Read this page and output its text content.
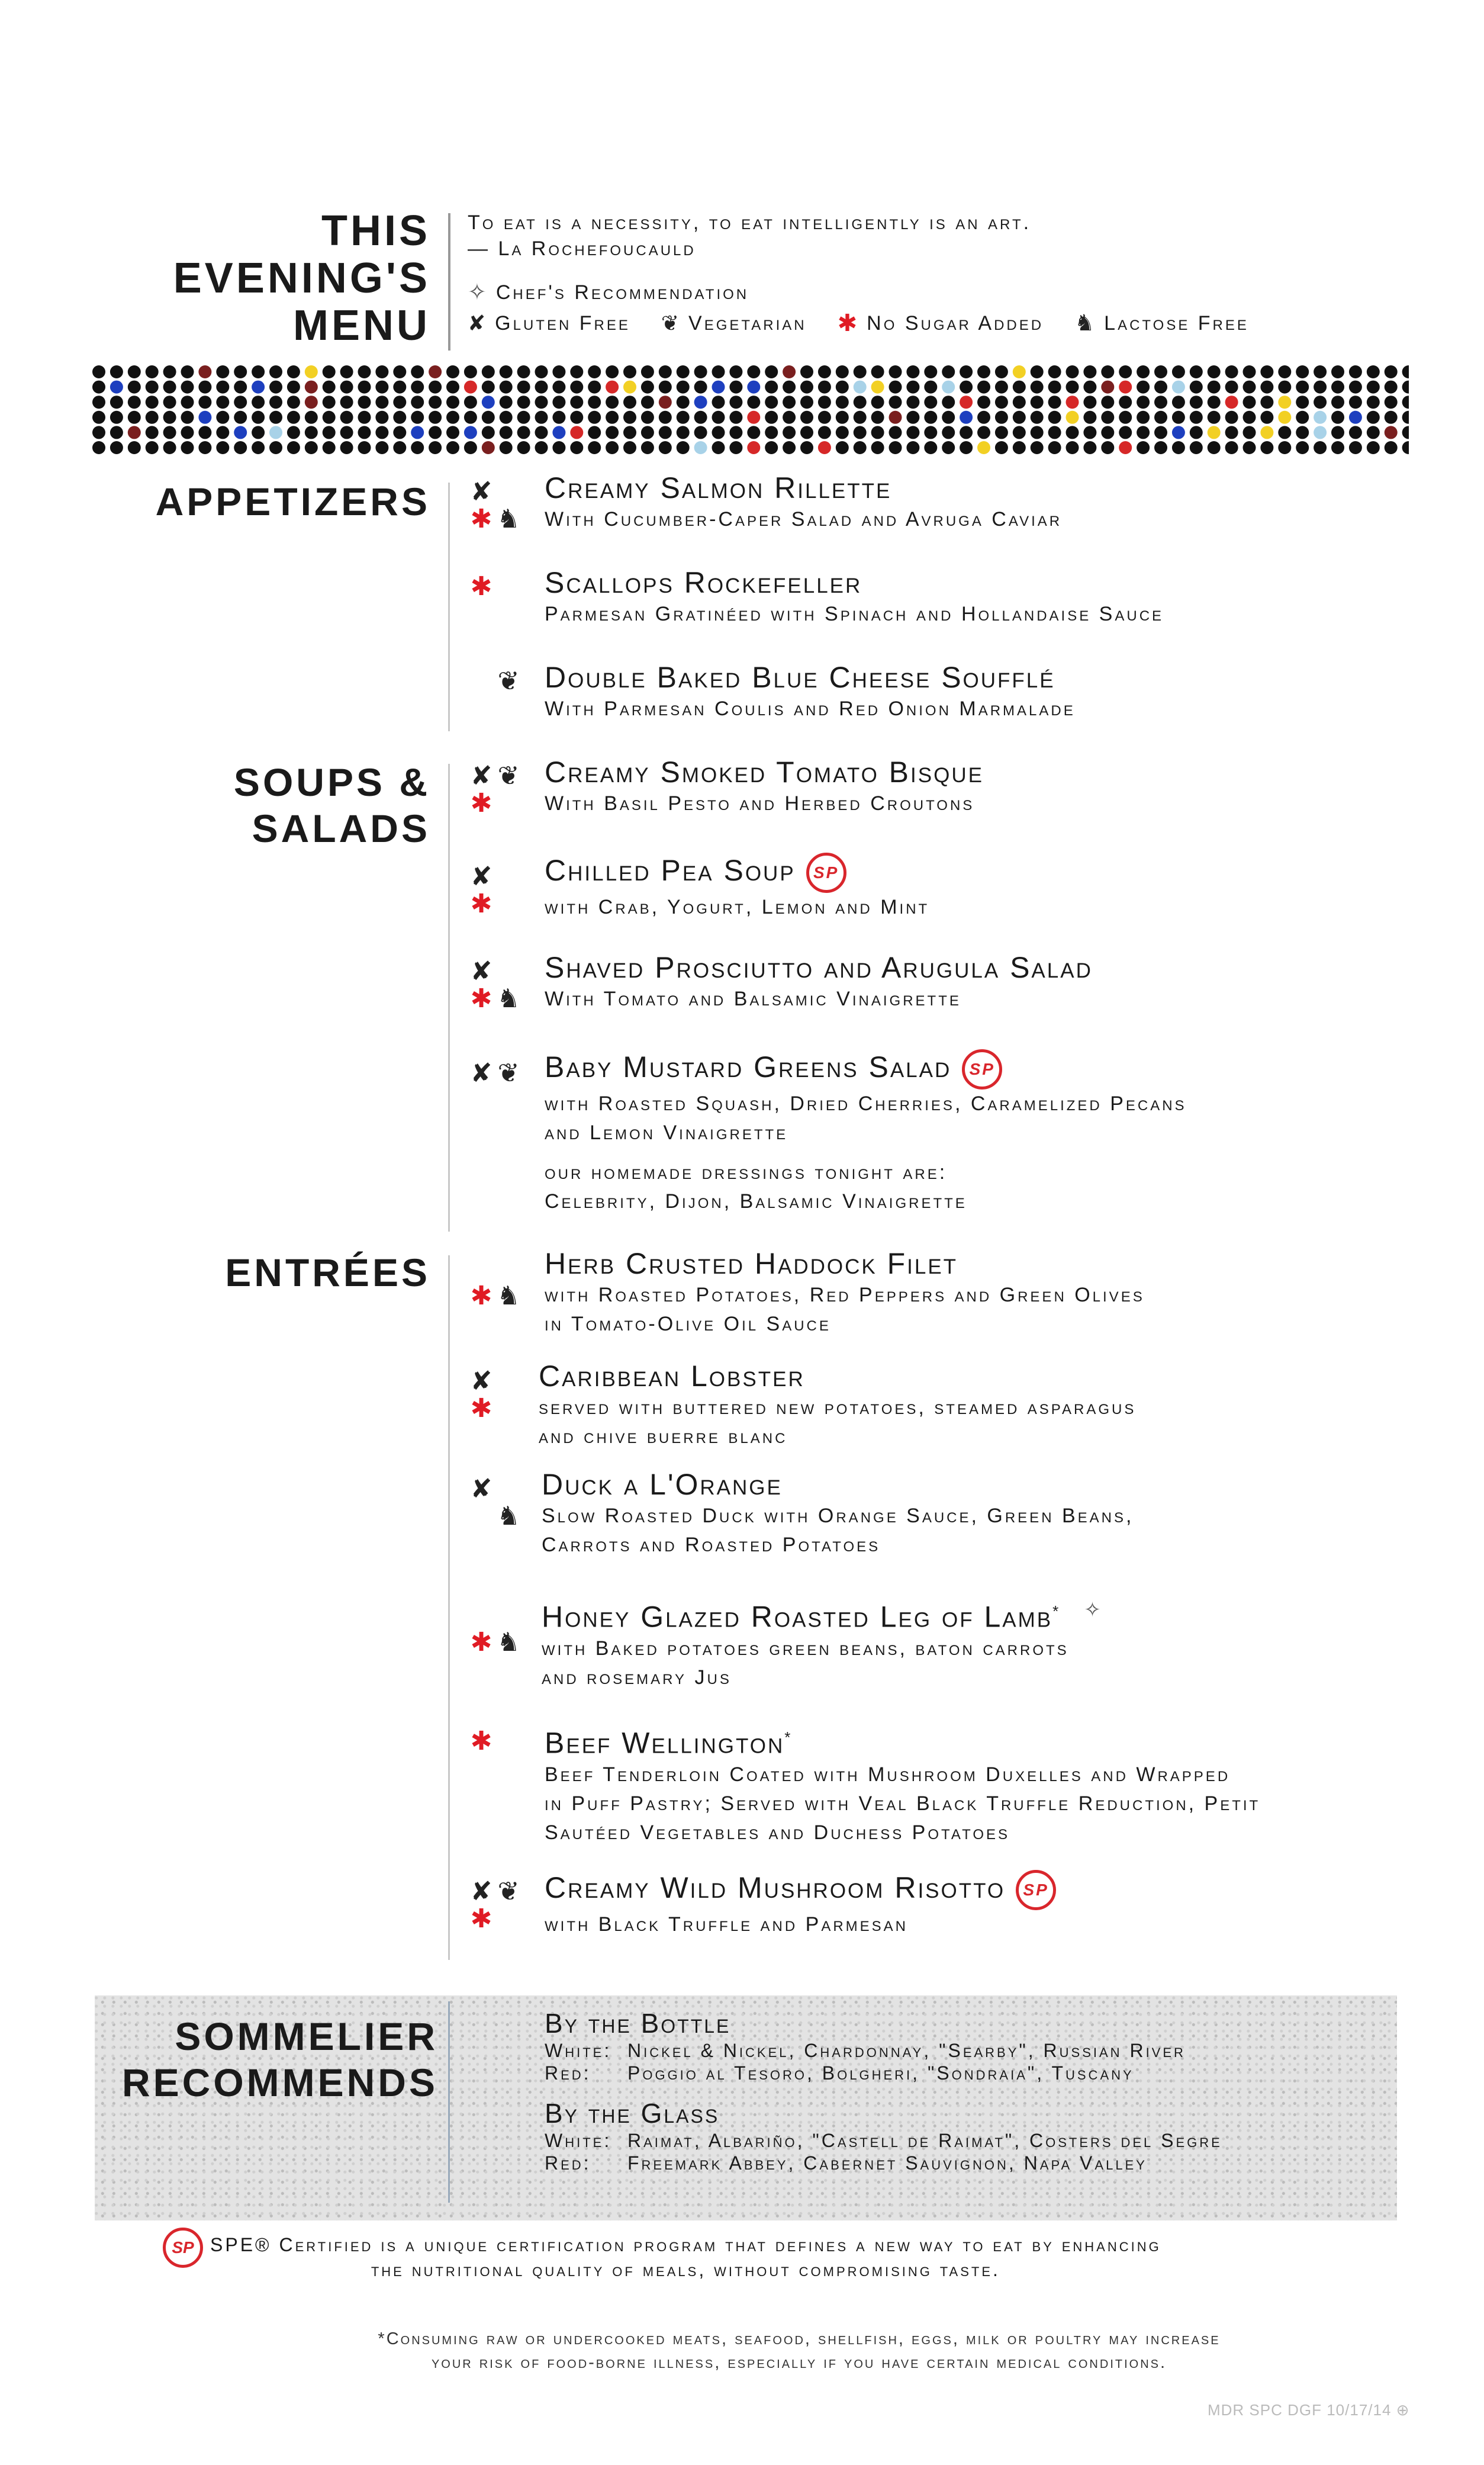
THIS
EVENING'S
MENU
To eat is a necessity, to eat intelligently is an art.
— La Rochefoucauld
✧ Chef's Recommendation
✘ Gluten Free ❦ Vegetarian ✱ No Sugar Added ♞ Lactose Free
APPETIZERS ✘
✱ ♞
Creamy Salmon Rillette
With Cucumber-Caper Salad and Avruga Caviar
✱ Scallops Rockefeller
Parmesan Gratinéed with Spinach and Hollandaise Sauce
❦ Double Baked Blue Cheese Soufflé
With Parmesan Coulis and Red Onion Marmalade
SOUPS &
SALADS
✘ ❦
✱
Creamy Smoked Tomato Bisque
With Basil Pesto and Herbed Croutons
✘
✱
Chilled Pea Soup SP
with Crab, Yogurt, Lemon and Mint
✘
✱ ♞
Shaved Prosciutto and Arugula Salad
With Tomato and Balsamic Vinaigrette
✘ ❦ Baby Mustard Greens Salad SP
with Roasted Squash, Dried Cherries, Caramelized Pecans
and Lemon Vinaigrette
our homemade dressings tonight are:
Celebrity, Dijon, Balsamic Vinaigrette
ENTRÉES
✱ ♞
Herb Crusted Haddock Filet
with Roasted Potatoes, Red Peppers and Green Olives
in Tomato-Olive Oil Sauce
✘
✱
Caribbean Lobster
served with buttered new potatoes, steamed asparagus
and chive buerre blanc
✘
♞
Duck a L'Orange
Slow Roasted Duck with Orange Sauce, Green Beans,
Carrots and Roasted Potatoes
✱ ♞
Honey Glazed Roasted Leg of Lamb* ✧
with Baked potatoes green beans, baton carrots
and rosemary Jus
✱ Beef Wellington*
Beef Tenderloin Coated with Mushroom Duxelles and Wrapped
in Puff Pastry; Served with Veal Black Truffle Reduction, Petit
Sautéed Vegetables and Duchess Potatoes
✘ ❦
✱
Creamy Wild Mushroom Risotto SP
with Black Truffle and Parmesan
SOMMELIER
RECOMMENDS
By the Bottle
White: Nickel & Nickel, Chardonnay, "Searby", Russian River
Red: Poggio al Tesoro, Bolgheri, "Sondraia", Tuscany
By the Glass
White: Raimat, Albariño, "Castell de Raimat", Costers del Segre
Red: Freemark Abbey, Cabernet Sauvignon, Napa Valley
SP SPE® Certified is a unique certification program that defines a new way to eat by enhancing
the nutritional quality of meals, without compromising taste.
*Consuming raw or undercooked meats, seafood, shellfish, eggs, milk or poultry may increase
your risk of food-borne illness, especially if you have certain medical conditions.
MDR SPC DGF 10/17/14 ⊕
